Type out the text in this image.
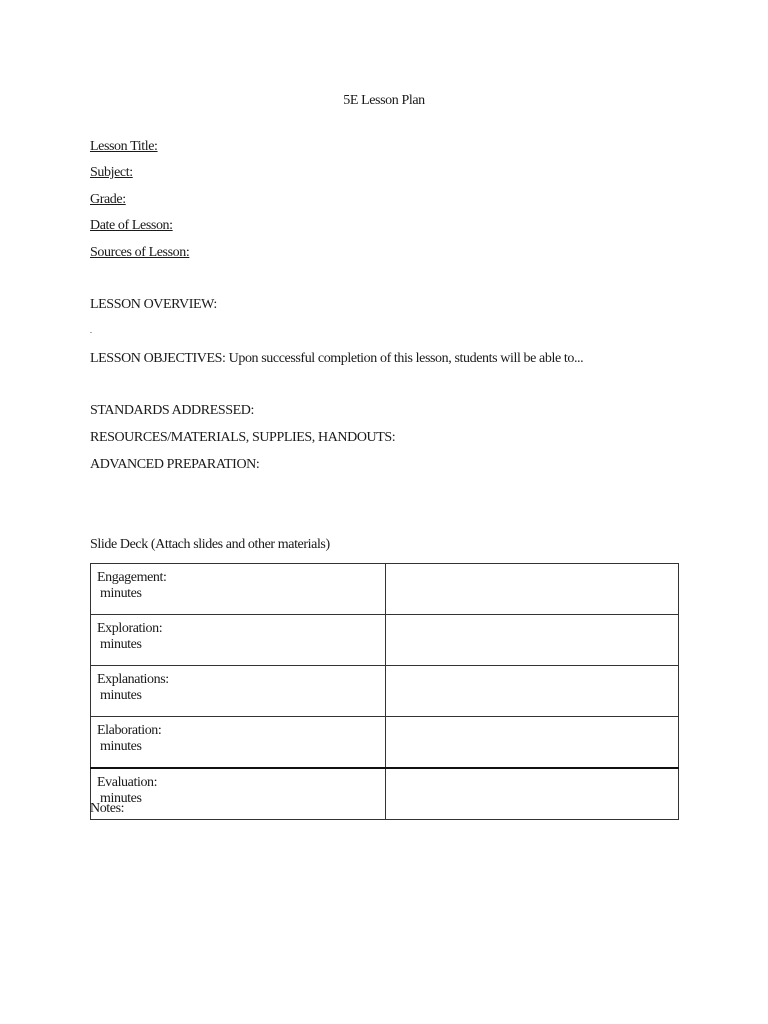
5E Lesson Plan
Lesson Title:
Subject:
Grade:
Date of Lesson:
Sources of Lesson:
LESSON OVERVIEW:
.
LESSON OBJECTIVES: Upon successful completion of this lesson, students will be able to...
STANDARDS ADDRESSED:
RESOURCES/MATERIALS, SUPPLIES, HANDOUTS:
ADVANCED PREPARATION:
Slide Deck (Attach slides and other materials)
Engagement:
minutes	

Exploration:
minutes	

Explanations:
minutes	

Elaboration:
minutes	

Evaluation:
minutes	

Notes:
